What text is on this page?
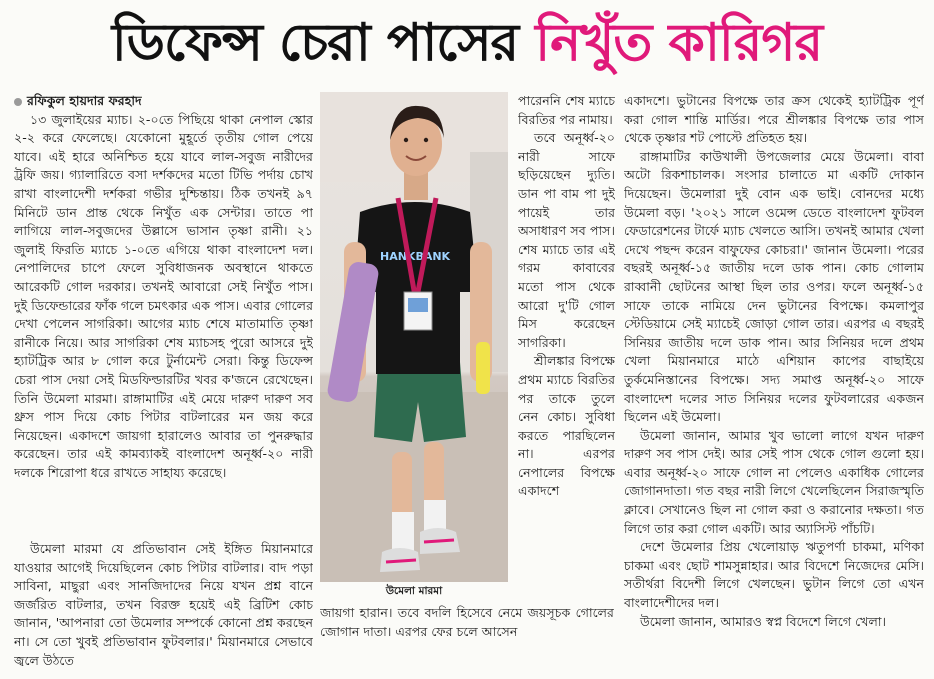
ডিফেন্স চেরা পাসের নিখুঁত কারিগর

রফিকুল হায়দার ফরহাদ

১৩ জুলাইয়ের ম্যাচ। ২-০তে পিছিয়ে থাকা নেপাল স্কোর ২-২ করে ফেলেছে। যেকোনো মুহূর্তে তৃতীয় গোল পেয়ে যাবে। এই হারে অনিশ্চিত হয়ে যাবে লাল-সবুজ নারীদের ট্রফি জয়। গ্যালারিতে বসা দর্শকদের মতো টিভি পর্দায় চোখ রাখা বাংলাদেশী দর্শকরা গভীর দুশ্চিন্তায়। ঠিক তখনই ৯৭ মিনিটে ডান প্রান্ত থেকে নিখুঁত এক সেন্টার। তাতে পা লাগিয়ে লাল-সবুজদের উল্লাসে ভাসান তৃষ্ণা রানী। ২১ জুলাই ফিরতি ম্যাচে ১-০তে এগিয়ে থাকা বাংলাদেশ দল। নেপালিদের চাপে ফেলে সুবিধাজনক অবস্থানে থাকতে আরেকটি গোল দরকার। তখনই আবারো সেই নিখুঁত পাস। দুই ডিফেন্ডারের ফাঁক গলে চমৎকার এক পাস। এবার গোলের দেখা পেলেন সাগরিকা। আগের ম্যাচ শেষে মাতামাতি তৃষ্ণা রানীকে নিয়ে। আর সাগরিকা শেষ ম্যাচসহ পুরো আসরে দুই হ্যাটট্রিক আর ৮ গোল করে টুর্নামেন্ট সেরা। কিন্তু ডিফেন্স চেরা পাস দেয়া সেই মিডফিল্ডারটির খবর ক'জনে রেখেছেন। তিনি উমেলা মারমা। রাঙ্গামাটির এই মেয়ে দারুণ দারুণ সব থ্রুস পাস দিয়ে কোচ পিটার বাটলারের মন জয় করে নিয়েছেন। একাদশে জায়গা হারালেও আবার তা পুনরুদ্ধার করেছেন। তার এই কামব্যাকই বাংলাদেশ অনূর্ধ্ব-২০ নারী দলকে শিরোপা ধরে রাখতে সাহায্য করেছে।

উমেলা মারমা যে প্রতিভাবান সেই ইঙ্গিত মিয়ানমারে যাওয়ার আগেই দিয়েছিলেন কোচ পিটার বাটলার। বাদ পড়া সাবিনা, মাছুরা এবং সানজিদাদের নিয়ে যখন প্রশ্ন বানে জর্জরিত বাটলার, তখন বিরক্ত হয়েই এই ব্রিটিশ কোচ জানান, 'আপনারা তো উমেলার সম্পর্কে কোনো প্রশ্ন করছেন না। সে তো খুবই প্রতিভাবান ফুটবলার।' মিয়ানমারে সেভাবে জ্বলে উঠতে

HANKBANK
উমেলা মারমা

পারেননি শেষ ম্যাচে বিরতির পর নামায়।

তবে অনূর্ধ্ব-২০ নারী সাফে ছড়িয়েছেন দ্যুতি। ডান পা বাম পা দুই পায়েই তার অসাধারণ সব পাস। শেষ ম্যাচে তার এই গরম কাবাবের মতো পাস থেকে আরো দু'টি গোল মিস করেছেন সাগরিকা।

শ্রীলঙ্কার বিপক্ষে প্রথম ম্যাচে বিরতির পর তাকে তুলে নেন কোচ। সুবিধা করতে পারছিলেন না। এরপর নেপালের বিপক্ষে একাদশে

জায়গা হারান। তবে বদলি হিসেবে নেমে জয়সূচক গোলের জোগান দাতা। এরপর ফের চলে আসেন

একাদশে। ভুটানের বিপক্ষে তার ক্রস থেকেই হ্যাটট্রিক পূর্ণ করা গোল শান্তি মার্ডির। পরে শ্রীলঙ্কার বিপক্ষে তার পাস থেকে তৃষ্ণার শট পোস্টে প্রতিহত হয়।

রাঙ্গামাটির কাউখালী উপজেলার মেয়ে উমেলা। বাবা অটো রিকশাচালক। সংসার চালাতে মা একটি দোকান দিয়েছেন। উমেলারা দুই বোন এক ভাই। বোনদের মধ্যে উমেলা বড়। '২০২১ সালে ওমেন্স ডেতে বাংলাদেশ ফুটবল ফেডারেশনের টার্ফে ম্যাচ খেলতে আসি। তখনই আমার খেলা দেখে পছন্দ করেন বাফুফের কোচরা।' জানান উমেলা। পরের বছরই অনূর্ধ্ব-১৫ জাতীয় দলে ডাক পান। কোচ গোলাম রাব্বানী ছোটনের আস্থা ছিল তার ওপর। ফলে অনূর্ধ্ব-১৫ সাফে তাকে নামিয়ে দেন ভুটানের বিপক্ষে। কমলাপুর স্টেডিয়ামে সেই ম্যাচেই জোড়া গোল তার। এরপর এ বছরই সিনিয়র জাতীয় দলে ডাক পান। আর সিনিয়র দলে প্রথম খেলা মিয়ানমারে মাঠে এশিয়ান কাপের বাছাইয়ে তুর্কমেনিস্তানের বিপক্ষে। সদ্য সমাপ্ত অনূর্ধ্ব-২০ সাফে বাংলাদেশ দলের সাত সিনিয়র দলের ফুটবলারের একজন ছিলেন এই উমেলা।

উমেলা জানান, আমার খুব ভালো লাগে যখন দারুণ দারুণ সব পাস দেই। আর সেই পাস থেকে গোল গুলো হয়। এবার অনূর্ধ্ব-২০ সাফে গোল না পেলেও একাধিক গোলের জোগানদাতা। গত বছর নারী লিগে খেলেছিলেন সিরাজস্মৃতি ক্লাবে। সেখানেও ছিল না গোল করা ও করানোর দক্ষতা। গত লিগে তার করা গোল একটি। আর অ্যাসিস্ট পাঁচটি।

দেশে উমেলার প্রিয় খেলোয়াড় ঋতুপর্ণা চাকমা, মণিকা চাকমা এবং ছোট শামসুন্নাহার। আর বিদেশে নিজেদের মেসি। সতীর্থরা বিদেশী লিগে খেলছেন। ভুটান লিগে তো এখন বাংলাদেশীদের দল।

উমেলা জানান, আমারও স্বপ্ন বিদেশে লিগে খেলা।
